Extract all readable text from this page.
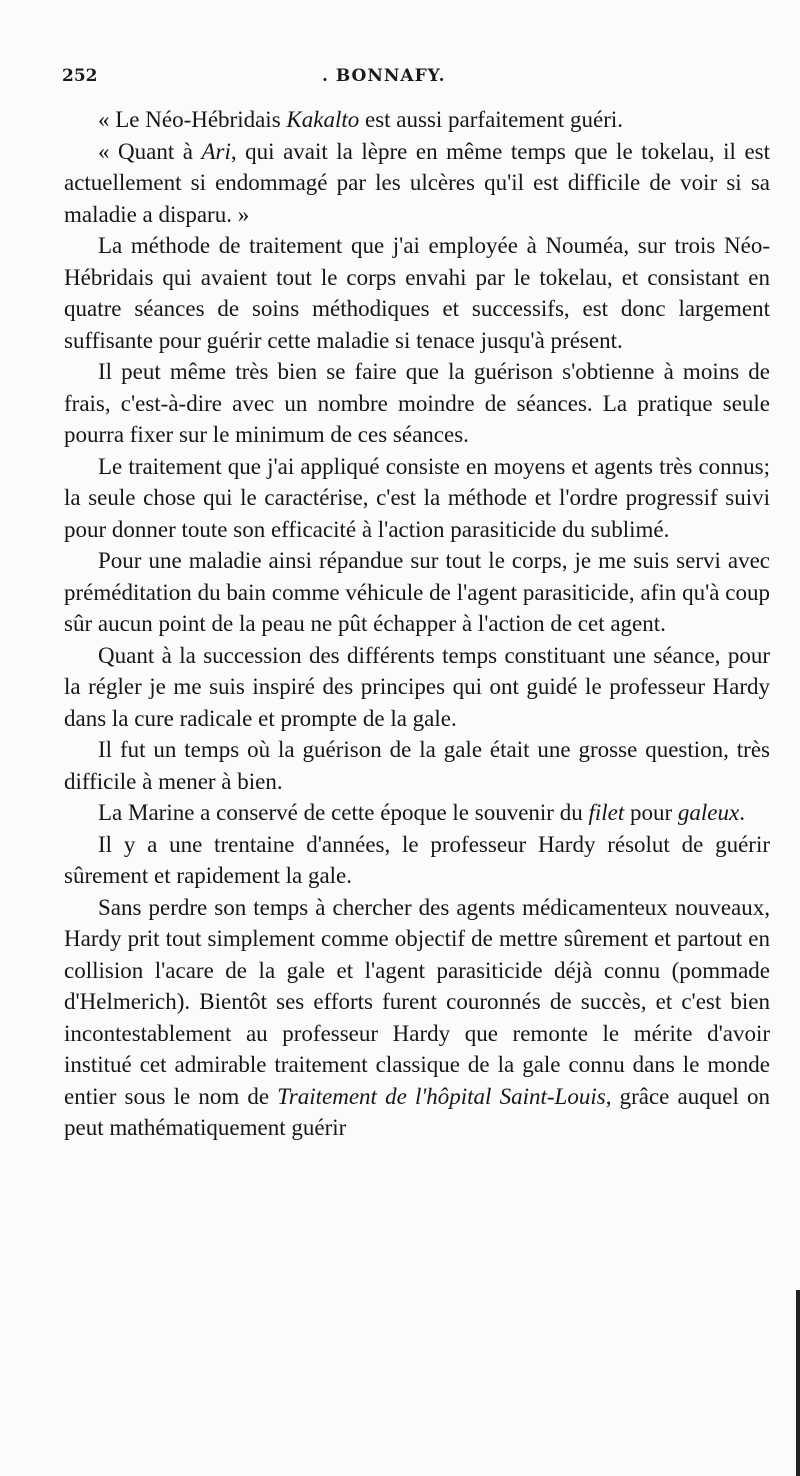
252	. BONNAFY.

« Le Néo-Hébridais Kakalto est aussi parfaitement guéri.

« Quant à Ari, qui avait la lèpre en même temps que le tokelau, il est actuellement si endommagé par les ulcères qu'il est difficile de voir si sa maladie a disparu. »

La méthode de traitement que j'ai employée à Nouméa, sur trois Néo-Hébridais qui avaient tout le corps envahi par le tokelau, et consistant en quatre séances de soins méthodiques et successifs, est donc largement suffisante pour guérir cette maladie si tenace jusqu'à présent.

Il peut même très bien se faire que la guérison s'obtienne à moins de frais, c'est-à-dire avec un nombre moindre de séances. La pratique seule pourra fixer sur le minimum de ces séances.

Le traitement que j'ai appliqué consiste en moyens et agents très connus; la seule chose qui le caractérise, c'est la méthode et l'ordre progressif suivi pour donner toute son efficacité à l'action parasiticide du sublimé.

Pour une maladie ainsi répandue sur tout le corps, je me suis servi avec préméditation du bain comme véhicule de l'agent parasiticide, afin qu'à coup sûr aucun point de la peau ne pût échapper à l'action de cet agent.

Quant à la succession des différents temps constituant une séance, pour la régler je me suis inspiré des principes qui ont guidé le professeur Hardy dans la cure radicale et prompte de la gale.

Il fut un temps où la guérison de la gale était une grosse question, très difficile à mener à bien.

La Marine a conservé de cette époque le souvenir du filet pour galeux.

Il y a une trentaine d'années, le professeur Hardy résolut de guérir sûrement et rapidement la gale.

Sans perdre son temps à chercher des agents médicamenteux nouveaux, Hardy prit tout simplement comme objectif de mettre sûrement et partout en collision l'acare de la gale et l'agent parasiticide déjà connu (pommade d'Helmerich). Bientôt ses efforts furent couronnés de succès, et c'est bien incontestablement au professeur Hardy que remonte le mérite d'avoir institué cet admirable traitement classique de la gale connu dans le monde entier sous le nom de Traitement de l'hôpital Saint-Louis, grâce auquel on peut mathématiquement guérir
